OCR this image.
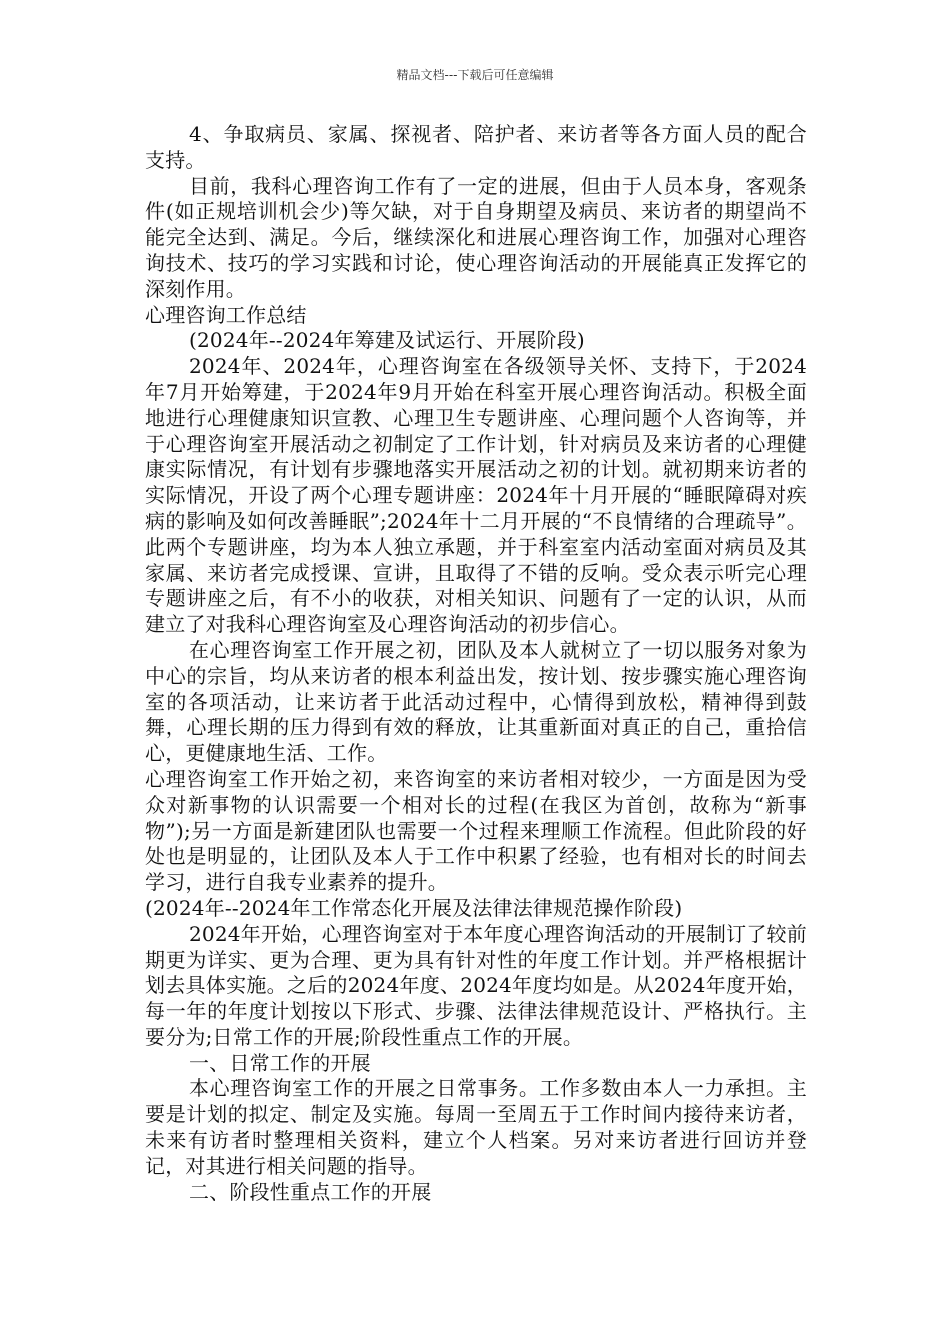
精品文档---下载后可任意编辑

4、争取病员、家属、探视者、陪护者、来访者等各方面人员的配合支持。

目前，我科心理咨询工作有了一定的进展，但由于人员本身，客观条件(如正规培训机会少)等欠缺，对于自身期望及病员、来访者的期望尚不能完全达到、满足。今后，继续深化和进展心理咨询工作，加强对心理咨询技术、技巧的学习实践和讨论，使心理咨询活动的开展能真正发挥它的深刻作用。

心理咨询工作总结

(2024年--2024年筹建及试运行、开展阶段)

2024年、2024年，心理咨询室在各级领导关怀、支持下，于2024年7月开始筹建，于2024年9月开始在科室开展心理咨询活动。积极全面地进行心理健康知识宣教、心理卫生专题讲座、心理问题个人咨询等，并于心理咨询室开展活动之初制定了工作计划，针对病员及来访者的心理健康实际情况，有计划有步骤地落实开展活动之初的计划。就初期来访者的实际情况，开设了两个心理专题讲座：2024年十月开展的“睡眠障碍对疾病的影响及如何改善睡眠”;2024年十二月开展的“不良情绪的合理疏导”。此两个专题讲座，均为本人独立承题，并于科室室内活动室面对病员及其家属、来访者完成授课、宣讲，且取得了不错的反响。受众表示听完心理专题讲座之后，有不小的收获，对相关知识、问题有了一定的认识，从而建立了对我科心理咨询室及心理咨询活动的初步信心。

在心理咨询室工作开展之初，团队及本人就树立了一切以服务对象为中心的宗旨，均从来访者的根本利益出发，按计划、按步骤实施心理咨询室的各项活动，让来访者于此活动过程中，心情得到放松，精神得到鼓舞，心理长期的压力得到有效的释放，让其重新面对真正的自己，重拾信心，更健康地生活、工作。

心理咨询室工作开始之初，来咨询室的来访者相对较少，一方面是因为受众对新事物的认识需要一个相对长的过程(在我区为首创，故称为“新事物”);另一方面是新建团队也需要一个过程来理顺工作流程。但此阶段的好处也是明显的，让团队及本人于工作中积累了经验，也有相对长的时间去学习，进行自我专业素养的提升。

(2024年--2024年工作常态化开展及法律法律规范操作阶段)

2024年开始，心理咨询室对于本年度心理咨询活动的开展制订了较前期更为详实、更为合理、更为具有针对性的年度工作计划。并严格根据计划去具体实施。之后的2024年度、2024年度均如是。从2024年度开始，每一年的年度计划按以下形式、步骤、法律法律规范设计、严格执行。主要分为;日常工作的开展;阶段性重点工作的开展。

一、日常工作的开展

本心理咨询室工作的开展之日常事务。工作多数由本人一力承担。主要是计划的拟定、制定及实施。每周一至周五于工作时间内接待来访者，未来有访者时整理相关资料，建立个人档案。另对来访者进行回访并登记，对其进行相关问题的指导。

二、阶段性重点工作的开展
